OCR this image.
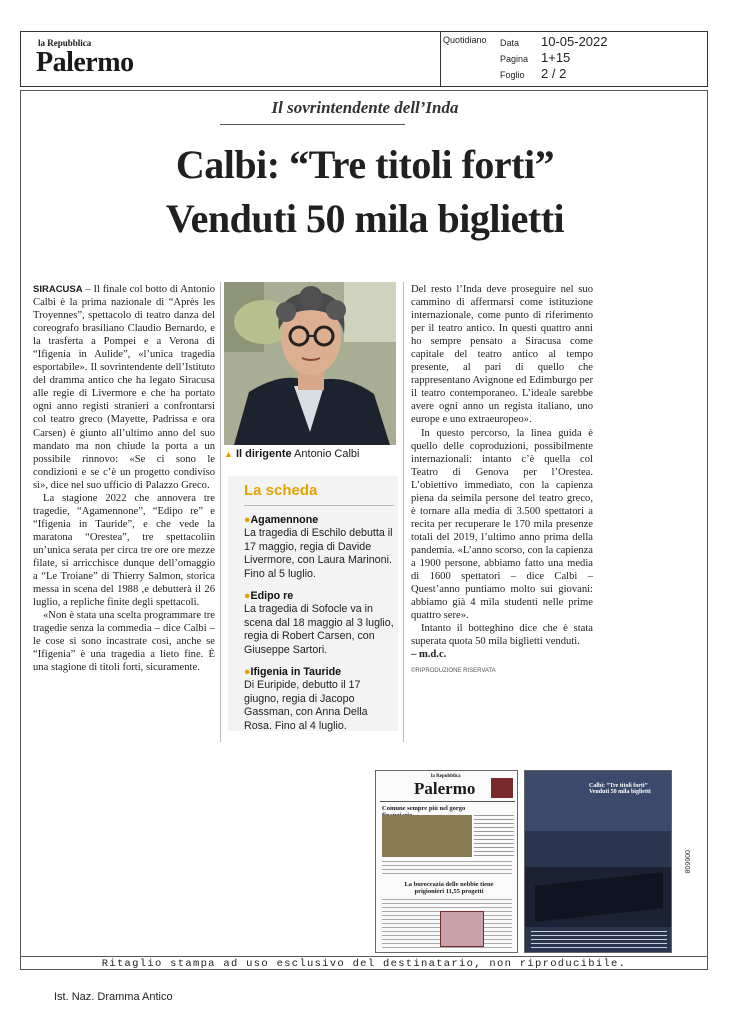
la Repubblica
Palermo
Quotidiano Data 10-05-2022
Pagina 1+15
Foglio 2 / 2
Il sovrintendente dell’Inda
Calbi: “Tre titoli forti”
Venduti 50 mila biglietti

SIRACUSA – Il finale col botto di Antonio Calbi è la prima nazionale di “Après les Troyennes”, spettacolo di teatro danza del coreografo brasiliano Claudio Bernardo, e la trasferta a Pompei e a Verona di “Ifigenia in Aulide”, «l’unica tragedia esportabile». Il sovrintendente dell’Istituto del dramma antico che ha legato Siracusa alle regie di Livermore e che ha portato ogni anno registi stranieri a confrontarsi col teatro greco (Mayette, Padrissa e ora Carsen) è giunto all’ultimo anno del suo mandato ma non chiude la porta a un possibile rinnovo: «Se ci sono le condizioni e se c’è un progetto condiviso sì», dice nel suo ufficio di Palazzo Greco.

La stagione 2022 che annovera tre tragedie, “Agamennone”, “Edipo re” e “Ifigenia in Tauride”, e che vede la maratona “Orestea”, tre spettacoliin un’unica serata per circa tre ore ore mezze filate, si arricchisce dunque dell’omaggio a “Le Troiane” di Thierry Salmon, storica messa in scena del 1988 ,e debutterà il 26 luglio, a repliche finite degli spettacoli.

«Non è stata una scelta programmare tre tragedie senza la commedia – dice Calbi – le cose si sono incastrate così, anche se “Ifigenia” è una tragedia a lieto fine. È una stagione di titoli forti, sicuramente.

▲ Il dirigente Antonio Calbi
La scheda
●Agamennone
La tragedia di Eschilo debutta il 17 maggio, regia di Davide Livermore, con Laura Marinoni. Fino al 5 luglio.
●Edipo re
La tragedia di Sofocle va in scena dal 18 maggio al 3 luglio, regia di Robert Carsen, con Giuseppe Sartori.
●Ifigenia in Tauride
Di Euripide, debutto il 17 giugno, regia di Jacopo Gassman, con Anna Della Rosa. Fino al 4 luglio.

Del resto l’Inda deve proseguire nel suo cammino di affermarsi come istituzione internazionale, come punto di riferimento per il teatro antico. In questi quattro anni ho sempre pensato a Siracusa come capitale del teatro antico al tempo presente, al pari di quello che rappresentano Avignone ed Edimburgo per il teatro contemporaneo. L’ideale sarebbe avere ogni anno un regista italiano, uno europe e uno extraeuropeo».

In questo percorso, la linea guida è quello delle coproduzioni, possibilmente internazionali: intanto c’è quella col Teatro di Genova per l’Orestea. L’obiettivo immediato, con la capienza piena da seimila persone del teatro greco, è tornare alla media di 3.500 spettatori a recita per recuperare le 170 mila presenze totali del 2019, l’ultimo anno prima della pandemia. «L’anno scorso, con la capienza a 1900 persone, abbiamo fatto una media di 1600 spettatori – dice Calbi – Quest’anno puntiamo molto sui giovani: abbiamo già 4 mila studenti nelle prime quattro sere».

Intanto il botteghino dice che è stata superata quota 50 mila biglietti venduti.

– m.d.c.

©RIPRODUZIONE RISERVATA

la Repubblica
Palermo
Comune sempre più nel gorgo
La burocrazia delle nebbie tiene prigionieri 11,55 progetti
Calbi: “Tre titoli forti” Venduti 50 mila biglietti
006608
Ritaglio stampa ad uso esclusivo del destinatario, non riproducibile.
Ist. Naz. Dramma Antico
